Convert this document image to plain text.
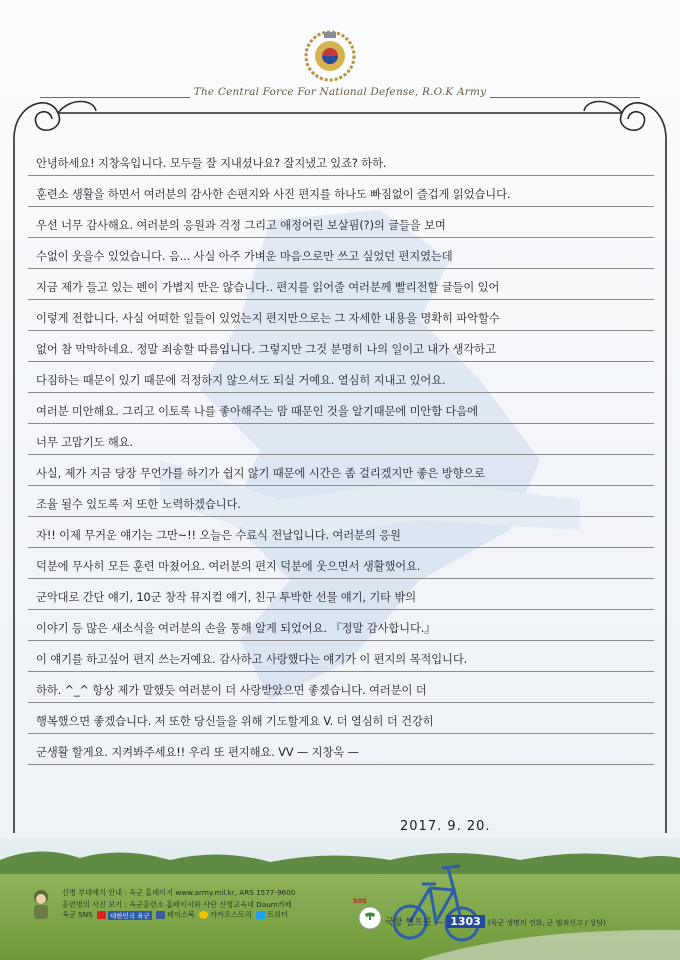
The Central Force For National Defense, R.O.K Army
안녕하세요! 지창욱입니다. 모두들 잘 지내셨나요? 잘지냈고 있죠? 하하.
훈련소 생활을 하면서 여러분의 감사한 손편지와 사진 편지를 하나도 빠짐없이 즐겁게 읽었습니다.
우선 너무 감사해요. 여러분의 응원과 걱정 그리고 애정어린 보살핌(?)의 글들을 보며
수없이 웃을수 있었습니다. 음... 사실 아주 가벼운 마음으로만 쓰고 싶었던 편지였는데
지금 제가 들고 있는 펜이 가볍지 만은 않습니다.. 편지를 읽어줄 여러분께 빨리전할 글들이 있어
이렇게 전합니다. 사실 어떠한 일들이 있었는지 편지만으로는 그 자세한 내용을 명확히 파악할수
없어 참 막막하네요. 정말 죄송할 따름입니다. 그렇지만 그것 분명히 나의 일이고 내가 생각하고
다짐하는 때문이 있기 때문에 걱정하지 않으셔도 되실 거예요. 열심히 지내고 있어요.
여러분 미안해요. 그리고 이토록 나를 좋아해주는 맘 때문인 것을 알기때문에 미안함 다음에
너무 고맙기도 해요.
사실, 제가 지금 당장 무언가를 하기가 쉽지 않기 때문에 시간은 좀 걸리겠지만 좋은 방향으로
조율 될수 있도록 저 또한 노력하겠습니다.
자!! 이제 무거운 얘기는 그만~!! 오늘은 수료식 전날입니다. 여러분의 응원
덕분에 무사히 모든 훈련 마쳤어요. 여러분의 편지 덕분에 웃으면서 생활했어요.
군악대로 간단 얘기, 10군 창작 뮤지컬 얘기, 친구 투박한 선물 얘기, 기타 밖의
이야기 등 많은 새소식을 여러분의 손을 통해 알게 되었어요. 『정말 감사합니다.』
이 얘기를 하고싶어 편지 쓰는거예요. 감사하고 사랑했다는 얘기가 이 편지의 목적입니다.
하하. ^_^ 항상 제가 말했듯 여러분이 더 사랑받았으면 좋겠습니다. 여러분이 더
행복했으면 좋겠습니다. 저 또한 당신들을 위해 기도할게요 V. 더 열심히 더 건강히
군생활 할게요. 지켜봐주세요!! 우리 또 편지해요. VV — 지창욱 —
2017. 9. 20.
신병 부대배치 안내 : 육군 홈페이지 www.army.mil.kr, ARS 1577-9600
훈련병의 사진 보기 : 육군훈련소 홈페이지와 사단 신병교육대 Daum카페
육군 SNS	대한민국 육군 페이스북 카카오스토리 트위터
SOS
국방 헬프콜 — 1303 (육군 생명의 전화, 군 범죄신고 / 상담)
